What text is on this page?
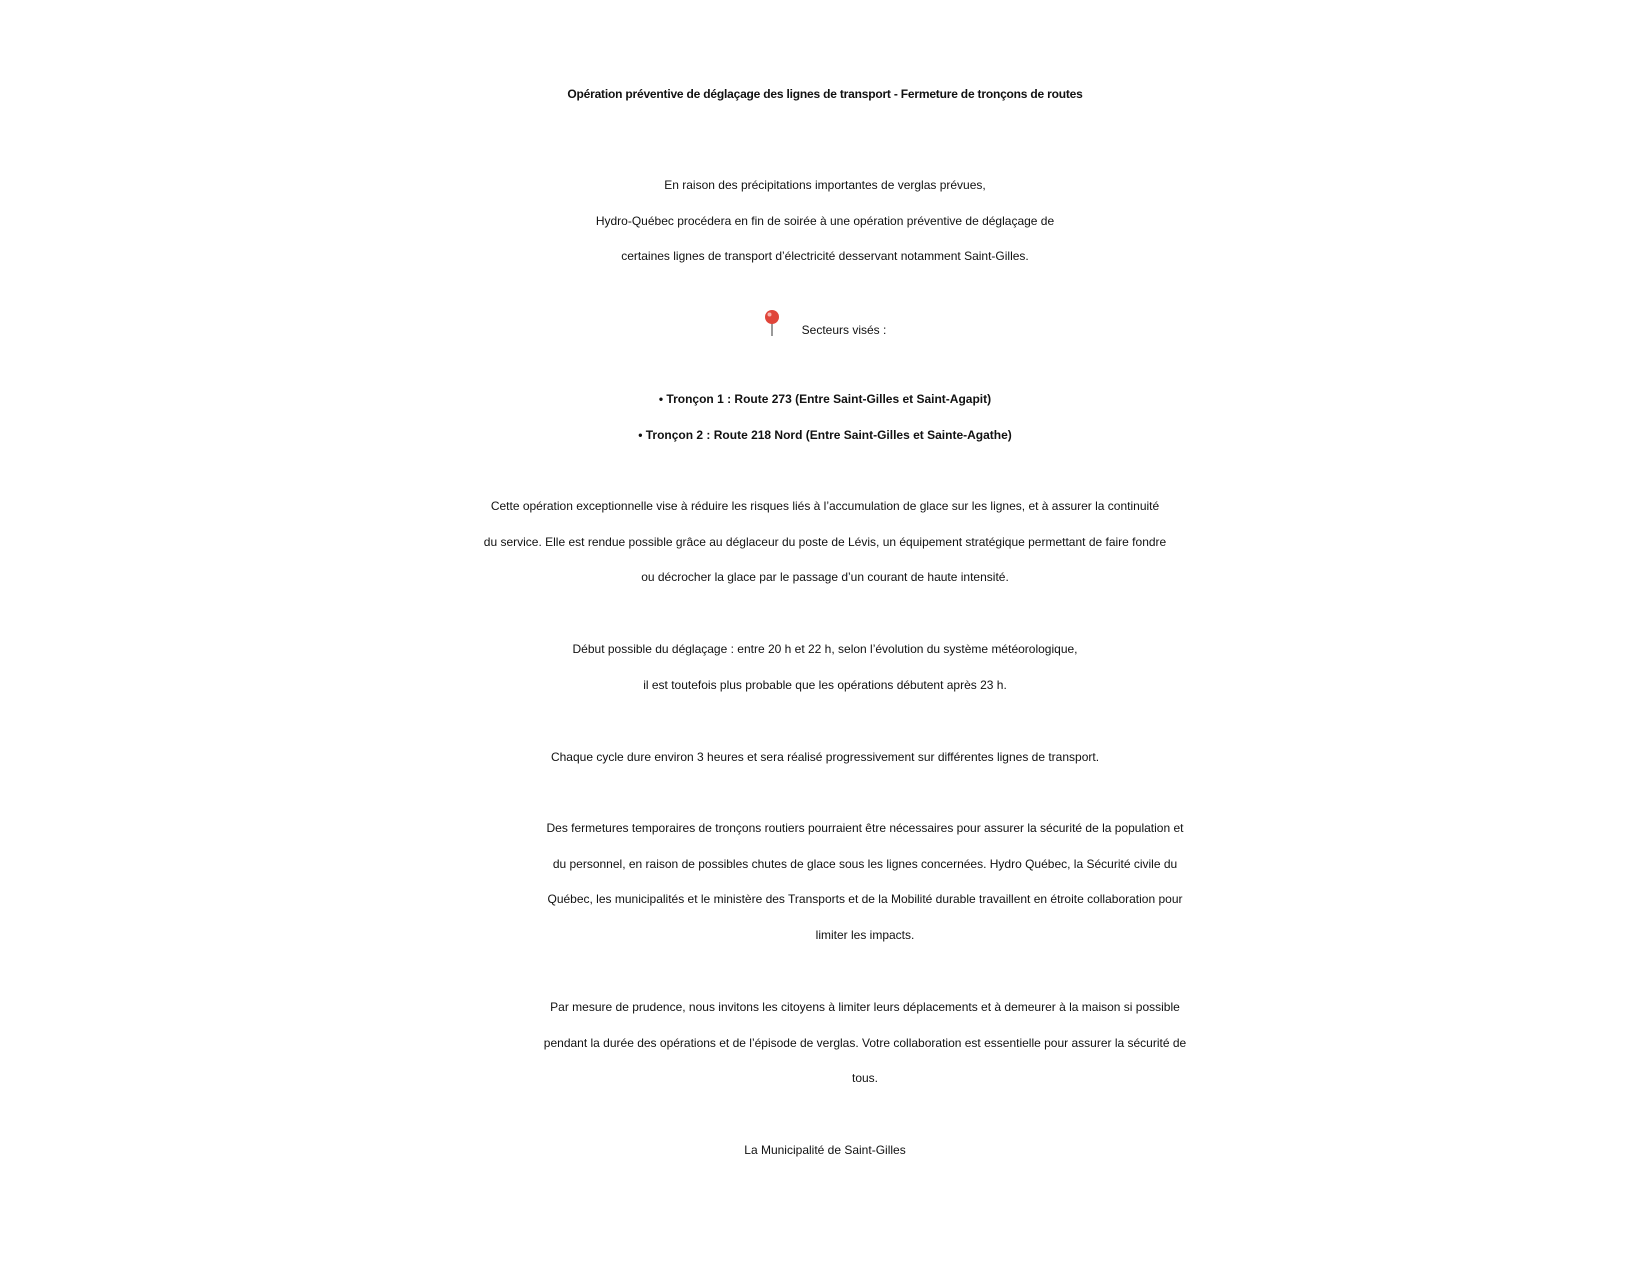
Opération préventive de déglaçage des lignes de transport - Fermeture de tronçons de routes
En raison des précipitations importantes de verglas prévues,
Hydro-Québec procédera en fin de soirée à une opération préventive de déglaçage de
certaines lignes de transport d’électricité desservant notamment Saint-Gilles.
Secteurs visés :
• Tronçon 1 : Route 273 (Entre Saint-Gilles et Saint-Agapit)
• Tronçon 2 : Route 218 Nord (Entre Saint-Gilles et Sainte-Agathe)
Cette opération exceptionnelle vise à réduire les risques liés à l’accumulation de glace sur les lignes, et à assurer la continuité
du service. Elle est rendue possible grâce au déglaceur du poste de Lévis, un équipement stratégique permettant de faire fondre
ou décrocher la glace par le passage d’un courant de haute intensité.
Début possible du déglaçage : entre 20 h et 22 h, selon l’évolution du système météorologique,
il est toutefois plus probable que les opérations débutent après 23 h.
Chaque cycle dure environ 3 heures et sera réalisé progressivement sur différentes lignes de transport.
Des fermetures temporaires de tronçons routiers pourraient être nécessaires pour assurer la sécurité de la population et
du personnel, en raison de possibles chutes de glace sous les lignes concernées. Hydro Québec, la Sécurité civile du
Québec, les municipalités et le ministère des Transports et de la Mobilité durable travaillent en étroite collaboration pour
limiter les impacts.
Par mesure de prudence, nous invitons les citoyens à limiter leurs déplacements et à demeurer à la maison si possible
pendant la durée des opérations et de l’épisode de verglas. Votre collaboration est essentielle pour assurer la sécurité de
tous.
La Municipalité de Saint-Gilles
